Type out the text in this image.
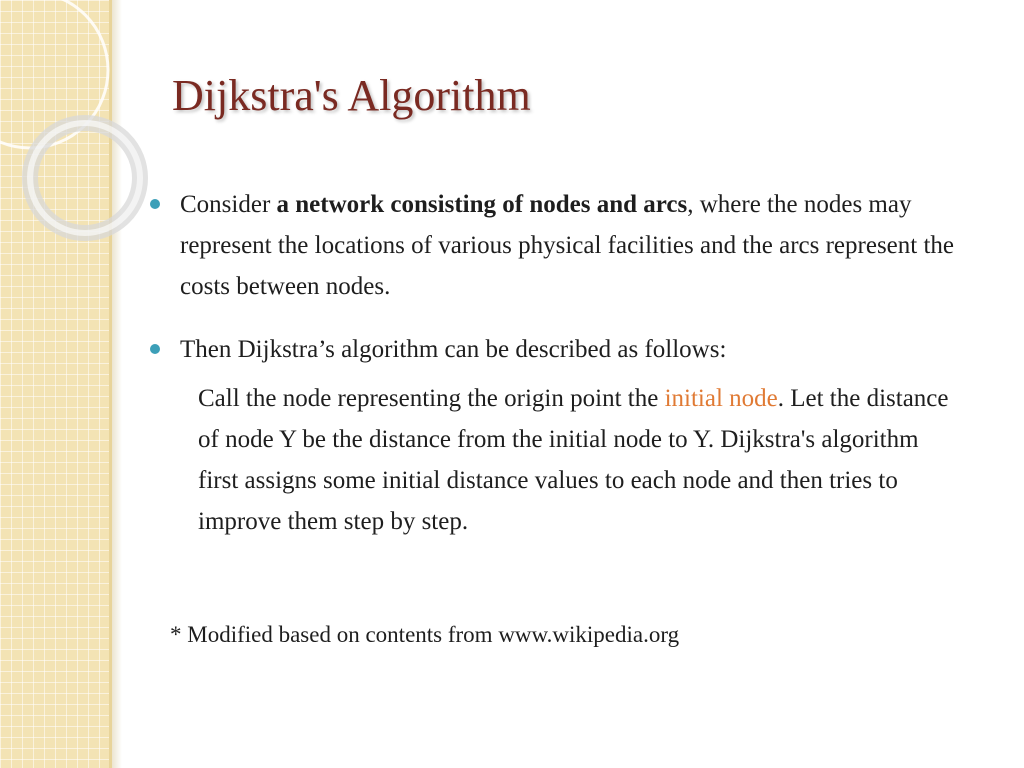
Dijkstra's Algorithm

Consider a network consisting of nodes and arcs, where the nodes may represent the locations of various physical facilities and the arcs represent the costs between nodes.

Then Dijkstra’s algorithm can be described as follows:

Call the node representing the origin point the initial node. Let the distance of node Y be the distance from the initial node to Y. Dijkstra's algorithm first assigns some initial distance values to each node and then tries to improve them step by step.

* Modified based on contents from www.wikipedia.org
